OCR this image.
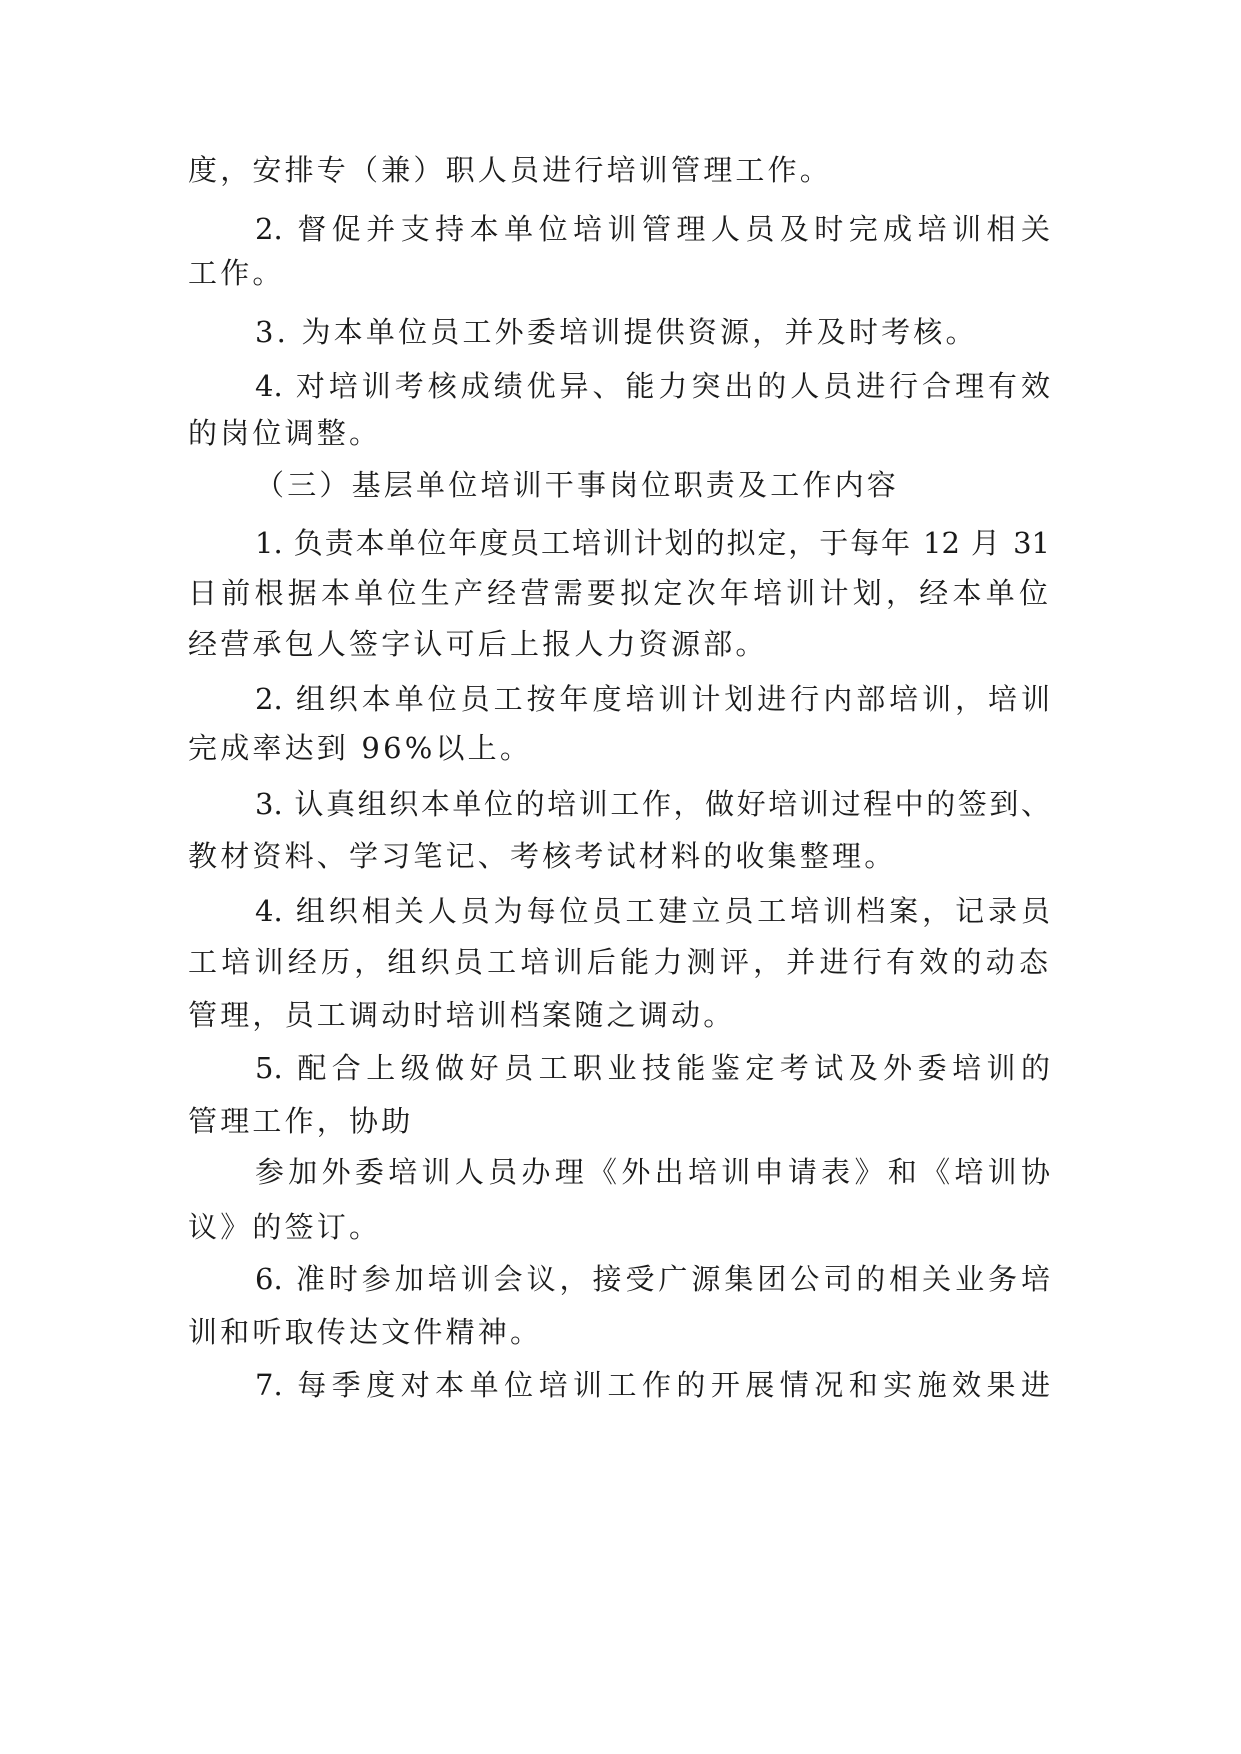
度，安排专（兼）职人员进行培训管理工作。
2. 督促并支持本单位培训管理人员及时完成培训相关
工作。
3. 为本单位员工外委培训提供资源，并及时考核。
4. 对培训考核成绩优异、能力突出的人员进行合理有效
的岗位调整。
（三）基层单位培训干事岗位职责及工作内容
1. 负责本单位年度员工培训计划的拟定，于每年 12 月 31
日前根据本单位生产经营需要拟定次年培训计划，经本单位
经营承包人签字认可后上报人力资源部。
2. 组织本单位员工按年度培训计划进行内部培训，培训
完成率达到 96%以上。
3. 认真组织本单位的培训工作，做好培训过程中的签到、
教材资料、学习笔记、考核考试材料的收集整理。
4. 组织相关人员为每位员工建立员工培训档案，记录员
工培训经历，组织员工培训后能力测评，并进行有效的动态
管理，员工调动时培训档案随之调动。
5. 配合上级做好员工职业技能鉴定考试及外委培训的
管理工作，协助
参加外委培训人员办理《外出培训申请表》和《培训协
议》的签订。
6. 准时参加培训会议，接受广源集团公司的相关业务培
训和听取传达文件精神。
7. 每季度对本单位培训工作的开展情况和实施效果进
